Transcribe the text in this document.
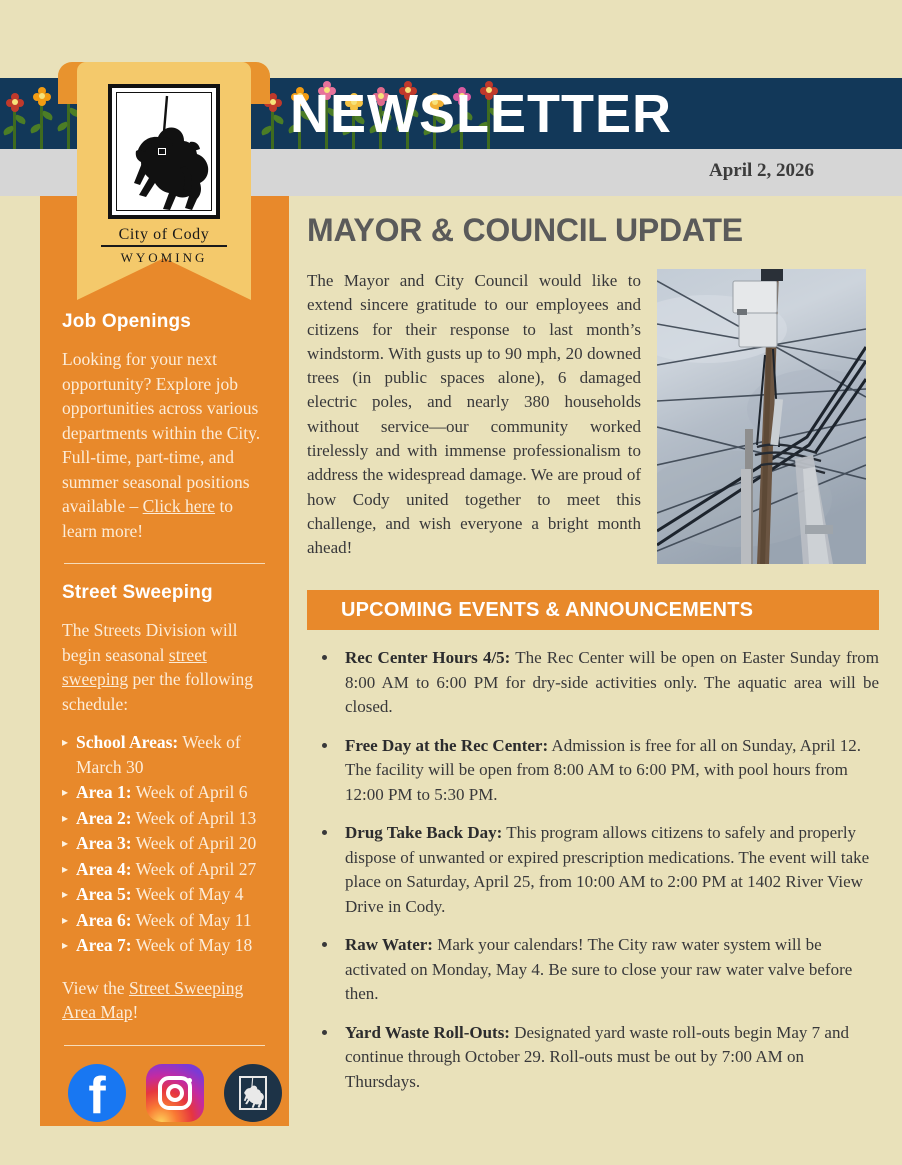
NEWSLETTER
April 2, 2026
City of Cody
WYOMING
Job Openings

Looking for your next opportunity? Explore job opportunities across various departments within the City. Full-time, part-time, and summer seasonal positions available – Click here to learn more!

Street Sweeping

The Streets Division will begin seasonal street sweeping per the following schedule:

▸ School Areas: Week of March 30
▸ Area 1: Week of April 6
▸ Area 2: Week of April 13
▸ Area 3: Week of April 20
▸ Area 4: Week of April 27
▸ Area 5: Week of May 4
▸ Area 6: Week of May 11
▸ Area 7: Week of May 18

View the Street Sweeping Area Map!

f
MAYOR & COUNCIL UPDATE

The Mayor and City Council would like to extend sincere gratitude to our employees and citizens for their response to last month’s windstorm. With gusts up to 90 mph, 20 downed trees (in public spaces alone), 6 damaged electric poles, and nearly 380 households without service—our community worked tirelessly and with immense professionalism to address the widespread damage. We are proud of how Cody united together to meet this challenge, and wish everyone a bright month ahead!

UPCOMING EVENTS & ANNOUNCEMENTS
• Rec Center Hours 4/5: The Rec Center will be open on Easter Sunday from 8:00 AM to 6:00 PM for dry-side activities only. The aquatic area will be closed.
• Free Day at the Rec Center: Admission is free for all on Sunday, April 12. The facility will be open from 8:00 AM to 6:00 PM, with pool hours from 12:00 PM to 5:30 PM.
• Drug Take Back Day: This program allows citizens to safely and properly dispose of unwanted or expired prescription medications. The event will take place on Saturday, April 25, from 10:00 AM to 2:00 PM at 1402 River View Drive in Cody.
• Raw Water: Mark your calendars! The City raw water system will be activated on Monday, May 4. Be sure to close your raw water valve before then.
• Yard Waste Roll-Outs: Designated yard waste roll-outs begin May 7 and continue through October 29. Roll-outs must be out by 7:00 AM on Thursdays.
